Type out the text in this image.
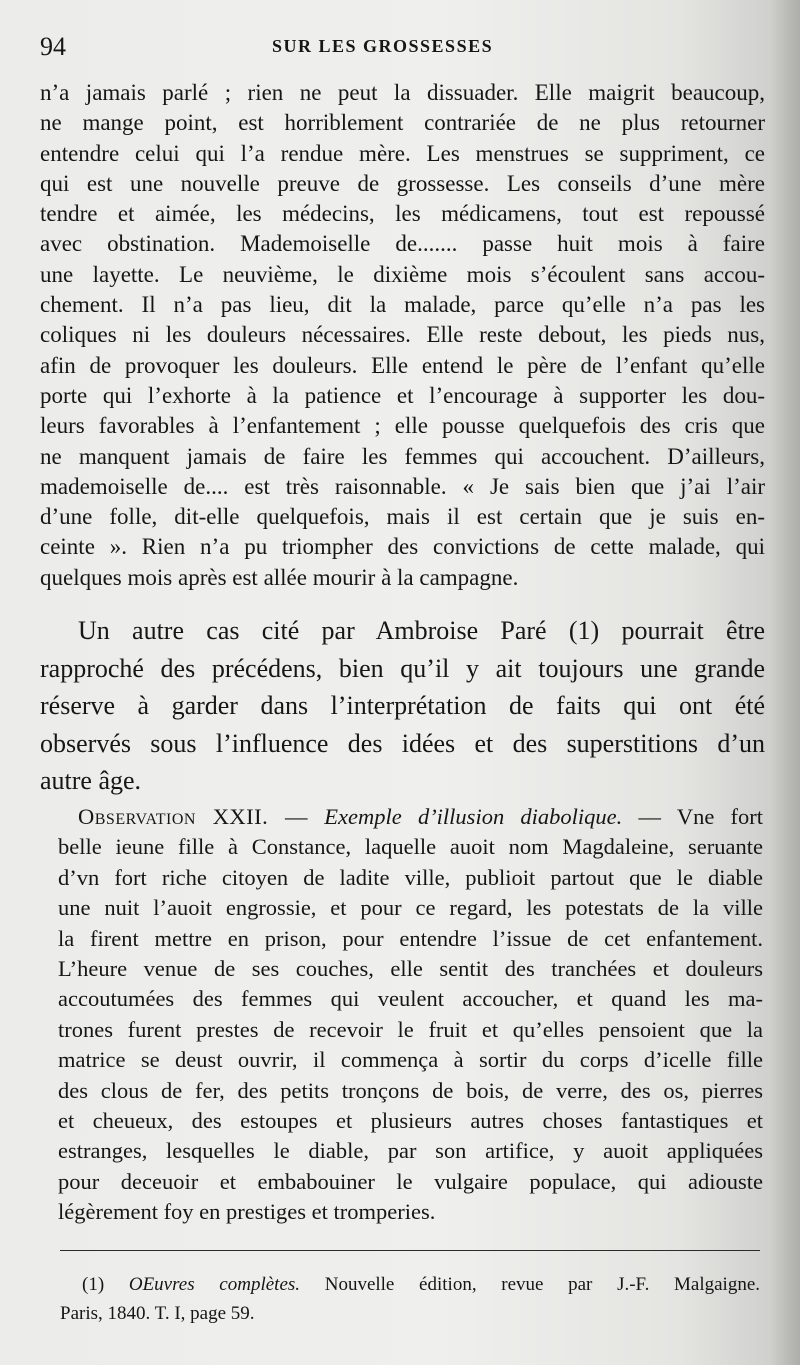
94	SUR LES GROSSESSES
n’a jamais parlé ; rien ne peut la dissuader. Elle maigrit beaucoup,
ne mange point, est horriblement contrariée de ne plus retourner
entendre celui qui l’a rendue mère. Les menstrues se suppriment, ce
qui est une nouvelle preuve de grossesse. Les conseils d’une mère
tendre et aimée, les médecins, les médicamens, tout est repoussé
avec obstination. Mademoiselle de....... passe huit mois à faire
une layette. Le neuvième, le dixième mois s’écoulent sans accou-
chement. Il n’a pas lieu, dit la malade, parce qu’elle n’a pas les
coliques ni les douleurs nécessaires. Elle reste debout, les pieds nus,
afin de provoquer les douleurs. Elle entend le père de l’enfant qu’elle
porte qui l’exhorte à la patience et l’encourage à supporter les dou-
leurs favorables à l’enfantement ; elle pousse quelquefois des cris que
ne manquent jamais de faire les femmes qui accouchent. D’ailleurs,
mademoiselle de.... est très raisonnable. « Je sais bien que j’ai l’air
d’une folle, dit-elle quelquefois, mais il est certain que je suis en-
ceinte ». Rien n’a pu triompher des convictions de cette malade, qui
quelques mois après est allée mourir à la campagne.
Un autre cas cité par Ambroise Paré (1) pourrait être
rapproché des précédens, bien qu’il y ait toujours une grande
réserve à garder dans l’interprétation de faits qui ont été
observés sous l’influence des idées et des superstitions d’un
autre âge.
Observation XXII. — Exemple d’illusion diabolique. — Vne fort
belle ieune fille à Constance, laquelle auoit nom Magdaleine, seruante
d’vn fort riche citoyen de ladite ville, publioit partout que le diable
une nuit l’auoit engrossie, et pour ce regard, les potestats de la ville
la firent mettre en prison, pour entendre l’issue de cet enfantement.
L’heure venue de ses couches, elle sentit des tranchées et douleurs
accoutumées des femmes qui veulent accoucher, et quand les ma-
trones furent prestes de recevoir le fruit et qu’elles pensoient que la
matrice se deust ouvrir, il commença à sortir du corps d’icelle fille
des clous de fer, des petits tronçons de bois, de verre, des os, pierres
et cheueux, des estoupes et plusieurs autres choses fantastiques et
estranges, lesquelles le diable, par son artifice, y auoit appliquées
pour deceuoir et embabouiner le vulgaire populace, qui adiouste
légèrement foy en prestiges et tromperies.
(1) OEuvres complètes. Nouvelle édition, revue par J.-F. Malgaigne.
Paris, 1840. T. I, page 59.
